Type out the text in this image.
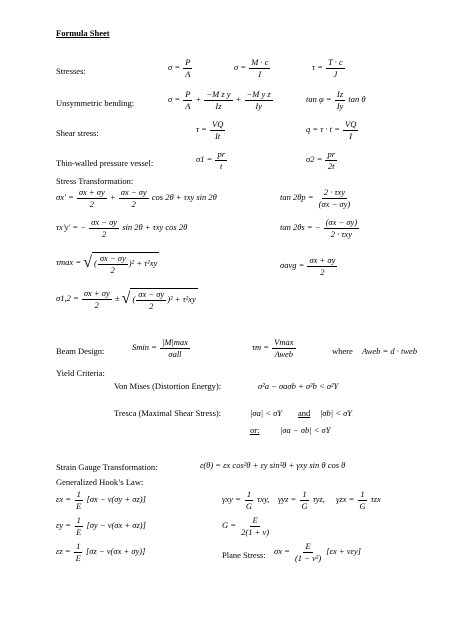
Formula Sheet
Stresses:	$\sigma = \frac{P}{A}$	$\sigma = \frac{M \cdot c}{I}$	$\tau = \frac{T \cdot c}{J}$
Unsymmetric bending:	$\sigma = \frac{P}{A} + \frac{\text{−M z y}}{Iz} + \frac{\text{−M y z}}{Iy}$	$\tan \varphi = \frac{Iz}{Iy}$ tan θ
Shear stress:	$\tau = \frac{VQ}{It}$	$q = \tau \cdot t = \frac{VQ}{I}$
Thin-walled pressure vessel:	$\sigma 1 = \frac{pr}{t}$	$\sigma 2 = \frac{pr}{2t}$
Stress Transformation:
$\sigma x' = \frac{\sigma x + \sigma y}{2} + \frac{\sigma x - \sigma y}{2}$ cos 2θ + τxy sin 2θ	tan 2θp = 2 · τxy
(σx − σy)
τx′y′ = − $\frac{\sigma x - \sigma y}{2}$ sin 2θ + τxy cos 2θ	tan 2θs = − (σx − σy)
2 · τxy
τmax = √ ( $\frac{\sigma x - \sigma y}{2} )^2 + \tau^2xy$	$\sigma avg = \frac{\sigma x + \sigma y}{2}$
$\sigma 1,2 = \frac{\sigma x + \sigma y}{2}$ ± √ ( $\frac{\sigma x - \sigma y}{2} )^2 + \tau^2xy$
Beam Design:	Smin = |M|max
σall
τm = Vmax
Aweb	where Aweb = d · tweb
Yield Criteria:
Von Mises (Distortion Energy):	σ²a − σaσb + σ²b < σ²Y
Tresca (Maximal Shear Stress):	|σa| < σY and |σb| < σY
or: |σa − σb| < σY
Strain Gauge Transformation:	ε(θ) = εx cos²θ + εy sin²θ + γxy sin θ cos θ
Generalized Hook’s Law:
$\varepsilon x = \frac{1}{E} [\sigma x - \nu(\sigma y + \sigma z)]$
$\varepsilon y = \frac{1}{E} [\sigma y - \nu(\sigma x + \sigma z)]$
$\varepsilon z = \frac{1}{E} [\sigma z - \nu(\sigma x + \sigma y)]$
$\gamma xy = \frac{1}{G} \tau xy$, $\gamma yz = \frac{1}{G} \tau yz$, $\gamma zx = \frac{1}{G}$ τzx
$G = \frac{E}{2(1 + \nu)}$
Plane Stress: $\sigma x = \frac{E}{\text{(1 − ν²)}} [\varepsilon x + \nu\varepsilon y]$
